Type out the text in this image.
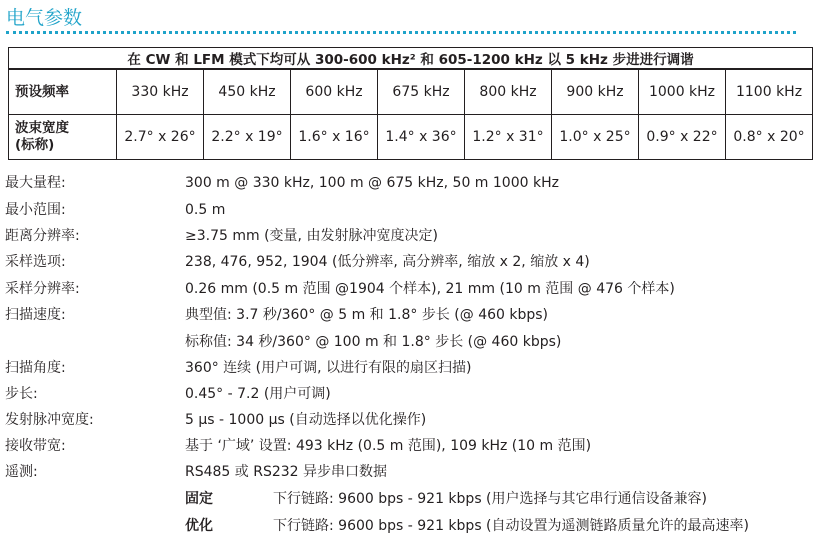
电气参数
在 CW 和 LFM 模式下均可从 300-600 kHz² 和 605-1200 kHz 以 5 kHz 步进进行调谐								
预设频率	330 kHz	450 kHz	600 kHz	675 kHz	800 kHz	900 kHz	1000 kHz	1100 kHz
波束宽度
(标称)	2.7° x 26°	2.2° x 19°	1.6° x 16°	1.4° x 36°	1.2° x 31°	1.0° x 25°	0.9° x 22°	0.8° x 20°
最大量程:	300 m @ 330 kHz, 100 m @ 675 kHz, 50 m 1000 kHz
最小范围:	0.5 m
距离分辨率:	≥3.75 mm (变量, 由发射脉冲宽度决定)
采样选项:	238, 476, 952, 1904 (低分辨率, 高分辨率, 缩放 x 2, 缩放 x 4)
采样分辨率:	0.26 mm (0.5 m 范围 @1904 个样本), 21 mm (10 m 范围 @ 476 个样本)
扫描速度:	典型值: 3.7 秒/360° @ 5 m 和 1.8° 步长 (@ 460 kbps)
标称值: 34 秒/360° @ 100 m 和 1.8° 步长 (@ 460 kbps)
扫描角度:	360° 连续 (用户可调, 以进行有限的扇区扫描)
步长:	0.45° - 7.2 (用户可调)
发射脉冲宽度:	5 µs - 1000 µs (自动选择以优化操作)
接收带宽:	基于 ‘广域’ 设置: 493 kHz (0.5 m 范围), 109 kHz (10 m 范围)
遥测:	RS485 或 RS232 异步串口数据
固定	下行链路: 9600 bps - 921 kbps (用户选择与其它串行通信设备兼容)
优化	下行链路: 9600 bps - 921 kbps (自动设置为遥测链路质量允许的最高速率)
